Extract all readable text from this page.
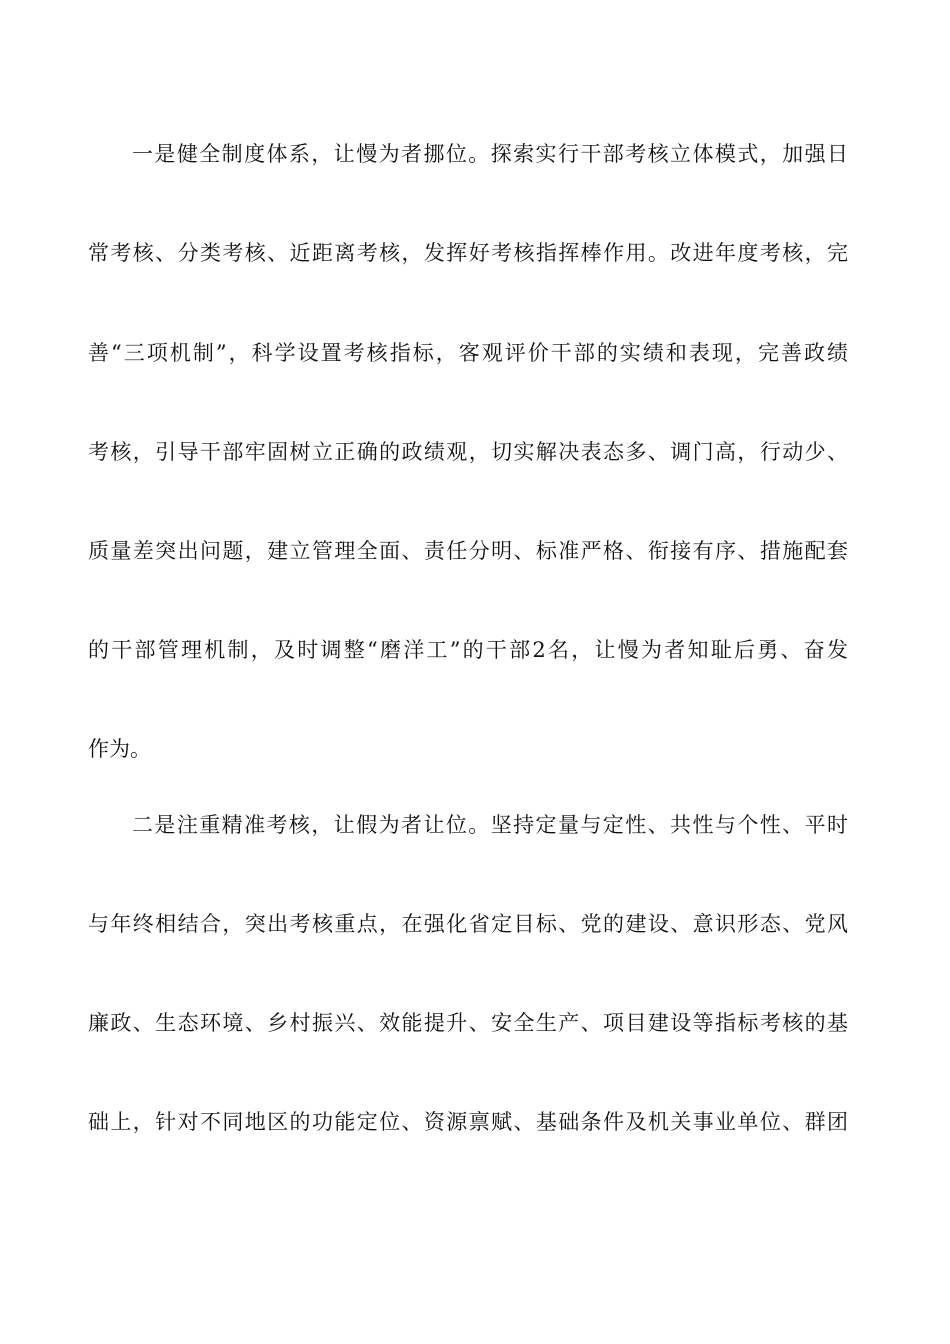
一是健全制度体系，让慢为者挪位。探索实行干部考核立体模式，加强日
常考核、分类考核、近距离考核，发挥好考核指挥棒作用。改进年度考核，完
善“三项机制”，科学设置考核指标，客观评价干部的实绩和表现，完善政绩
考核，引导干部牢固树立正确的政绩观，切实解决表态多、调门高，行动少、
质量差突出问题，建立管理全面、责任分明、标准严格、衔接有序、措施配套
的干部管理机制，及时调整“磨洋工”的干部2名，让慢为者知耻后勇、奋发
作为。
二是注重精准考核，让假为者让位。坚持定量与定性、共性与个性、平时
与年终相结合，突出考核重点，在强化省定目标、党的建设、意识形态、党风
廉政、生态环境、乡村振兴、效能提升、安全生产、项目建设等指标考核的基
础上，针对不同地区的功能定位、资源禀赋、基础条件及机关事业单位、群团
